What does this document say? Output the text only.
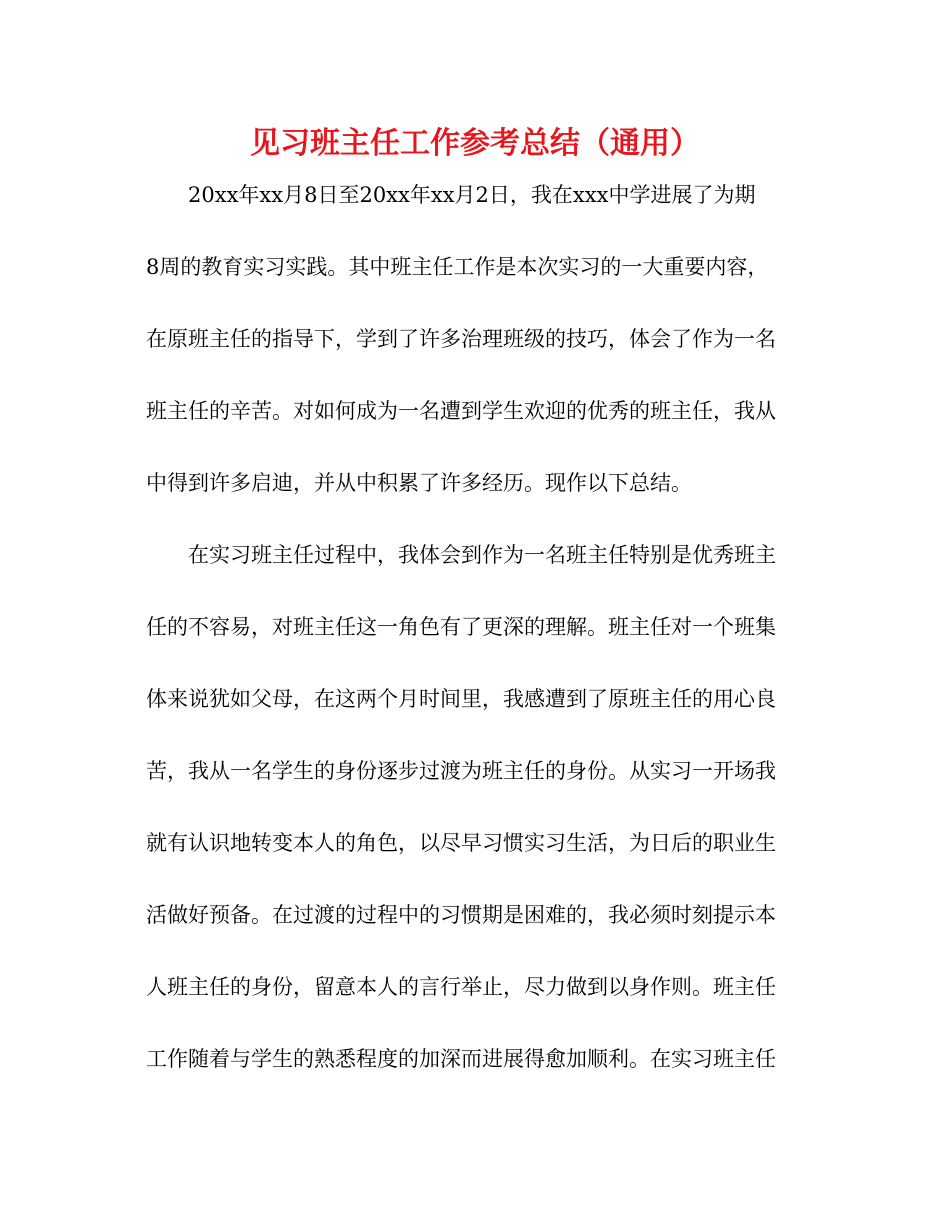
见习班主任工作参考总结（通用）
20xx年xx月8日至20xx年xx月2日，我在xxx中学进展了为期
8周的教育实习实践。其中班主任工作是本次实习的一大重要内容，
在原班主任的指导下，学到了许多治理班级的技巧，体会了作为一名
班主任的辛苦。对如何成为一名遭到学生欢迎的优秀的班主任，我从
中得到许多启迪，并从中积累了许多经历。现作以下总结。
在实习班主任过程中，我体会到作为一名班主任特别是优秀班主
任的不容易，对班主任这一角色有了更深的理解。班主任对一个班集
体来说犹如父母，在这两个月时间里，我感遭到了原班主任的用心良
苦，我从一名学生的身份逐步过渡为班主任的身份。从实习一开场我
就有认识地转变本人的角色，以尽早习惯实习生活，为日后的职业生
活做好预备。在过渡的过程中的习惯期是困难的，我必须时刻提示本
人班主任的身份，留意本人的言行举止，尽力做到以身作则。班主任
工作随着与学生的熟悉程度的加深而进展得愈加顺利。在实习班主任
